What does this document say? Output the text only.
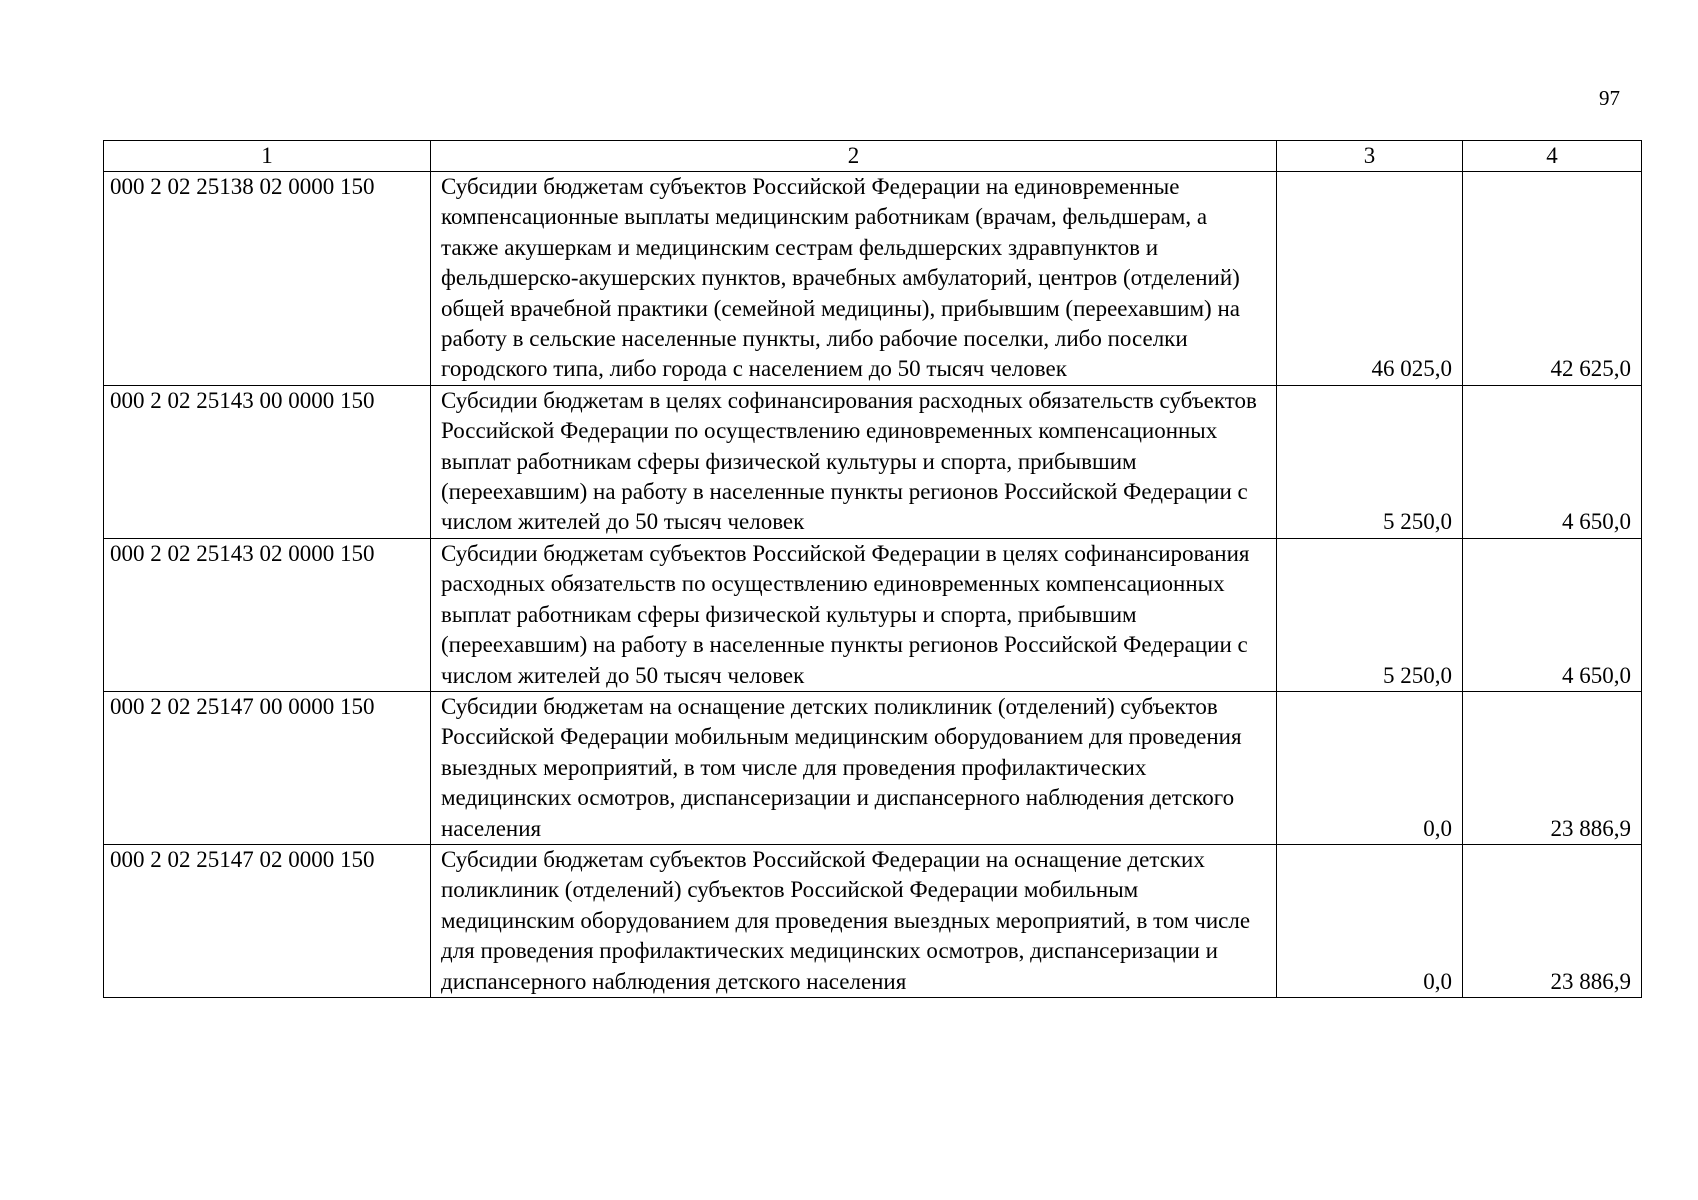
97
1	2	3	4
000 2 02 25138 02 0000 150	Субсидии бюджетам субъектов Российской Федерации на единовременные компенсационные выплаты медицинским работникам (врачам, фельдшерам, а также акушеркам и медицинским сестрам фельдшерских здравпунктов и фельдшерско-акушерских пунктов, врачебных амбулаторий, центров (отделений) общей врачебной практики (семейной медицины), прибывшим (переехавшим) на работу в сельские населенные пункты, либо рабочие поселки, либо поселки городского типа, либо города с населением до 50 тысяч человек	46 025,0	42 625,0
000 2 02 25143 00 0000 150	Субсидии бюджетам в целях софинансирования расходных обязательств субъектов Российской Федерации по осуществлению единовременных компенсационных выплат работникам сферы физической культуры и спорта, прибывшим (переехавшим) на работу в населенные пункты регионов Российской Федерации с числом жителей до 50 тысяч человек	5 250,0	4 650,0
000 2 02 25143 02 0000 150	Субсидии бюджетам субъектов Российской Федерации в целях софинансирования расходных обязательств по осуществлению единовременных компенсационных выплат работникам сферы физической культуры и спорта, прибывшим (переехавшим) на работу в населенные пункты регионов Российской Федерации с числом жителей до 50 тысяч человек	5 250,0	4 650,0
000 2 02 25147 00 0000 150	Субсидии бюджетам на оснащение детских поликлиник (отделений) субъектов Российской Федерации мобильным медицинским оборудованием для проведения выездных мероприятий, в том числе для проведения профилактических медицинских осмотров, диспансеризации и диспансерного наблюдения детского населения	0,0	23 886,9
000 2 02 25147 02 0000 150	Субсидии бюджетам субъектов Российской Федерации на оснащение детских поликлиник (отделений) субъектов Российской Федерации мобильным медицинским оборудованием для проведения выездных мероприятий, в том числе для проведения профилактических медицинских осмотров, диспансеризации и диспансерного наблюдения детского населения	0,0	23 886,9
